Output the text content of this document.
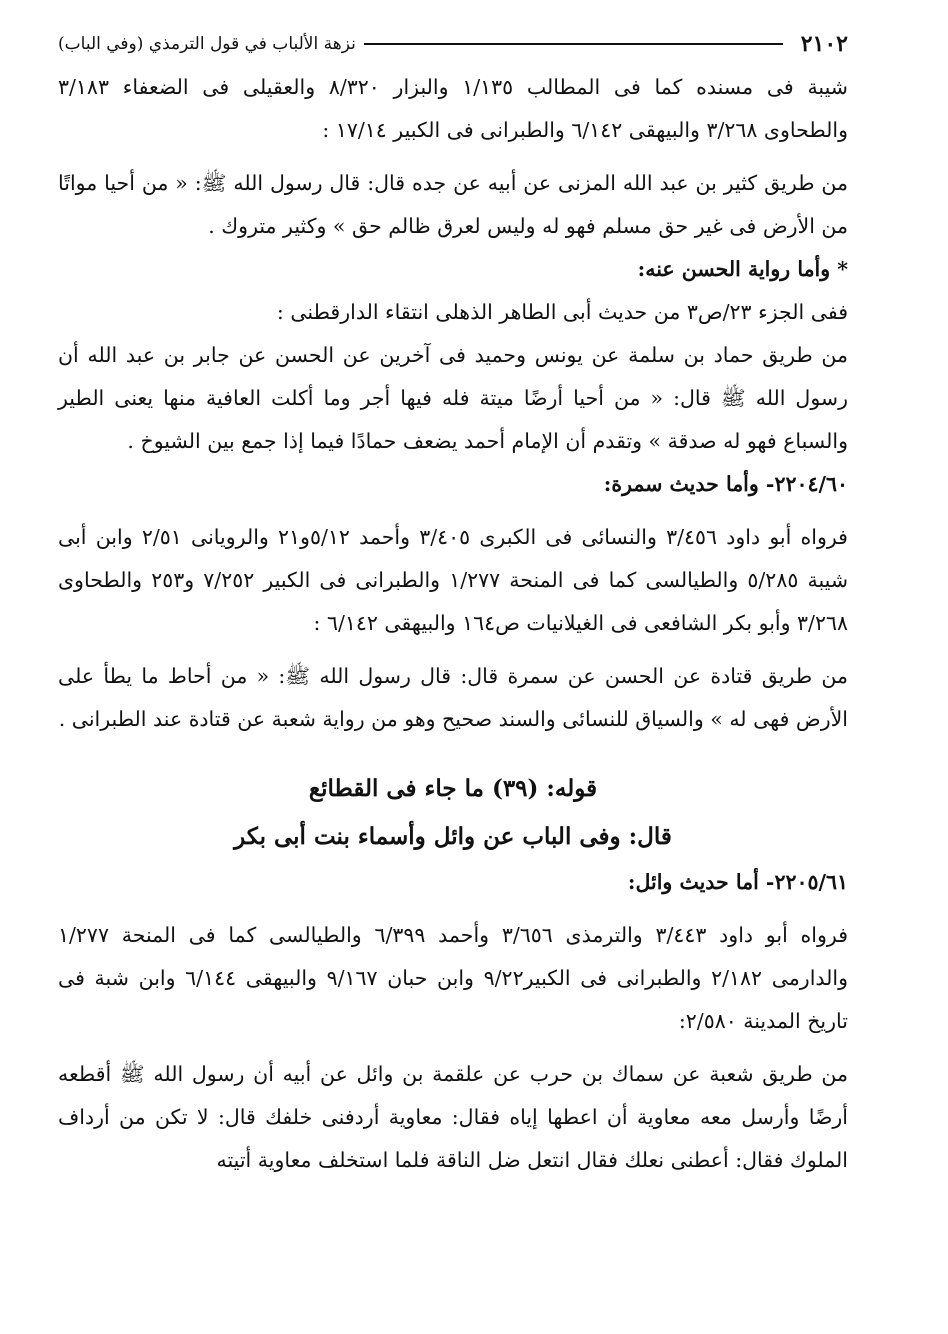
٢١٠٢
نزهة الألباب في قول الترمذي (وفي الباب)

شيبة فى مسنده كما فى المطالب ١/١٣٥ والبزار ٨/٣٢٠ والعقيلى فى الضعفاء ٣/١٨٣ والطحاوى ٣/٢٦٨ والبيهقى ٦/١٤٢ والطبرانى فى الكبير ١٧/١٤ :

من طريق كثير بن عبد الله المزنى عن أبيه عن جده قال: قال رسول الله ﷺ: « من أحيا مواتًا من الأرض فى غير حق مسلم فهو له وليس لعرق ظالم حق » وكثير متروك .

* وأما رواية الحسن عنه:

ففى الجزء ٢٣/ص٣ من حديث أبى الطاهر الذهلى انتقاء الدارقطنى :

من طريق حماد بن سلمة عن يونس وحميد فى آخرين عن الحسن عن جابر بن عبد الله أن رسول الله ﷺ قال: « من أحيا أرضًا ميتة فله فيها أجر وما أكلت العافية منها يعنى الطير والسباع فهو له صدقة » وتقدم أن الإمام أحمد يضعف حمادًا فيما إذا جمع بين الشيوخ .

٢٢٠٤/٦٠- وأما حديث سمرة:

فرواه أبو داود ٣/٤٥٦ والنسائى فى الكبرى ٣/٤٠٥ وأحمد ٥/١٢و٢١ والرويانى ٢/٥١ وابن أبى شيبة ٥/٢٨٥ والطيالسى كما فى المنحة ١/٢٧٧ والطبرانى فى الكبير ٧/٢٥٢ و٢٥٣ والطحاوى ٣/٢٦٨ وأبو بكر الشافعى فى الغيلانيات ص١٦٤ والبيهقى ٦/١٤٢ :

من طريق قتادة عن الحسن عن سمرة قال: قال رسول الله ﷺ: « من أحاط ما يطأ على الأرض فهى له » والسياق للنسائى والسند صحيح وهو من رواية شعبة عن قتادة عند الطبرانى .

قوله: (٣٩) ما جاء فى القطائع

قال: وفى الباب عن وائل وأسماء بنت أبى بكر

٢٢٠٥/٦١- أما حديث وائل:

فرواه أبو داود ٣/٤٤٣ والترمذى ٣/٦٥٦ وأحمد ٦/٣٩٩ والطيالسى كما فى المنحة ١/٢٧٧ والدارمى ٢/١٨٢ والطبرانى فى الكبير٩/٢٢ وابن حبان ٩/١٦٧ والبيهقى ٦/١٤٤ وابن شبة فى تاريخ المدينة ٢/٥٨٠:

من طريق شعبة عن سماك بن حرب عن علقمة بن وائل عن أبيه أن رسول الله ﷺ أقطعه أرضًا وأرسل معه معاوية أن اعطها إياه فقال: معاوية أردفنى خلفك قال: لا تكن من أرداف الملوك فقال: أعطنى نعلك فقال انتعل ضل الناقة فلما استخلف معاوية أتيته
